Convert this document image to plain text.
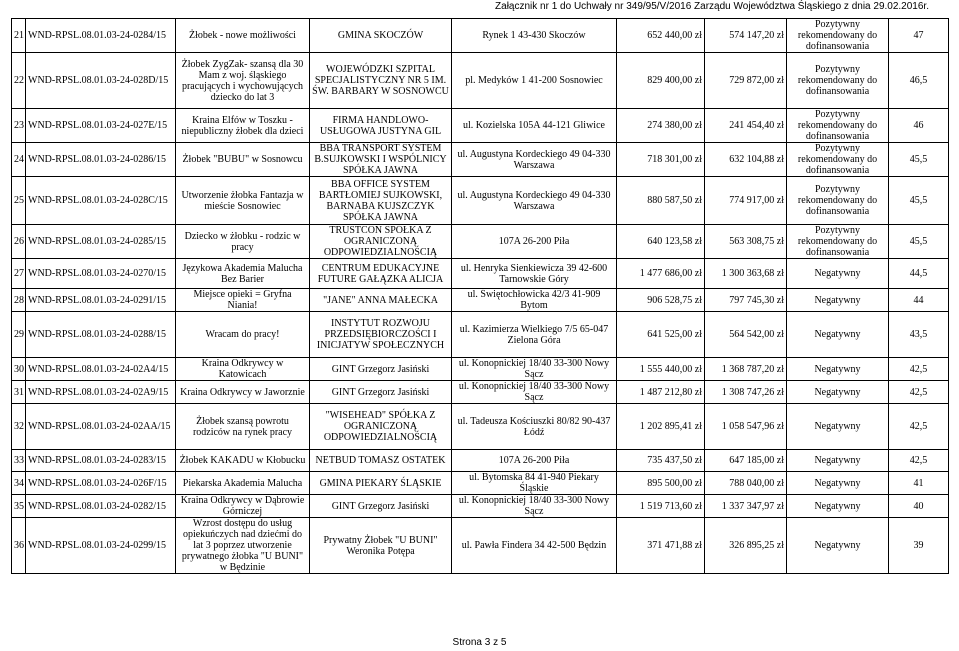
Załącznik nr 1 do Uchwały nr 349/95/V/2016 Zarządu Województwa Śląskiego z dnia 29.02.2016r.
21	WND-RPSL.08.01.03-24-0284/15	Żłobek - nowe możliwości	GMINA SKOCZÓW	Rynek 1 43-430 Skoczów	652 440,00 zł	574 147,20 zł	Pozytywny rekomendowany do dofinansowania	47
22	WND-RPSL.08.01.03-24-028D/15	Żłobek ZygZak- szansą dla 30 Mam z woj. śląskiego pracujących i wychowujących dziecko do lat 3	WOJEWÓDZKI SZPITAL SPECJALISTYCZNY NR 5 IM. ŚW. BARBARY W SOSNOWCU	pl. Medyków 1 41-200 Sosnowiec	829 400,00 zł	729 872,00 zł	Pozytywny rekomendowany do dofinansowania	46,5
23	WND-RPSL.08.01.03-24-027E/15	Kraina Elfów w Toszku - niepubliczny żłobek dla dzieci	FIRMA HANDLOWO-USŁUGOWA JUSTYNA GIL	ul. Kozielska 105A 44-121 Gliwice	274 380,00 zł	241 454,40 zł	Pozytywny rekomendowany do dofinansowania	46
24	WND-RPSL.08.01.03-24-0286/15	Żłobek "BUBU" w Sosnowcu	BBA TRANSPORT SYSTEM B.SUJKOWSKI I WSPÓLNICY SPÓŁKA JAWNA	ul. Augustyna Kordeckiego 49 04-330 Warszawa	718 301,00 zł	632 104,88 zł	Pozytywny rekomendowany do dofinansowania	45,5
25	WND-RPSL.08.01.03-24-028C/15	Utworzenie żłobka Fantazja w mieście Sosnowiec	BBA OFFICE SYSTEM BARTŁOMIEJ SUJKOWSKI, BARNABA KUJSZCZYK SPÓŁKA JAWNA	ul. Augustyna Kordeckiego 49 04-330 Warszawa	880 587,50 zł	774 917,00 zł	Pozytywny rekomendowany do dofinansowania	45,5
26	WND-RPSL.08.01.03-24-0285/15	Dziecko w żłobku - rodzic w pracy	TRUSTCON SPÓŁKA Z OGRANICZONĄ ODPOWIEDZIALNOŚCIĄ	107A 26-200 Piła	640 123,58 zł	563 308,75 zł	Pozytywny rekomendowany do dofinansowania	45,5
27	WND-RPSL.08.01.03-24-0270/15	Językowa Akademia Malucha Bez Barier	CENTRUM EDUKACYJNE FUTURE GAŁĄZKA ALICJA	ul. Henryka Sienkiewicza 39 42-600 Tarnowskie Góry	1 477 686,00 zł	1 300 363,68 zł	Negatywny	44,5
28	WND-RPSL.08.01.03-24-0291/15	Miejsce opieki = Gryfna Niania!	"JANE" ANNA MAŁECKA	ul. Świętochłowicka 42/3 41-909 Bytom	906 528,75 zł	797 745,30 zł	Negatywny	44
29	WND-RPSL.08.01.03-24-0288/15	Wracam do pracy!	INSTYTUT ROZWOJU PRZEDSIĘBIORCZOŚCI I INICJATYW SPOŁECZNYCH	ul. Kazimierza Wielkiego 7/5 65-047 Zielona Góra	641 525,00 zł	564 542,00 zł	Negatywny	43,5
30	WND-RPSL.08.01.03-24-02A4/15	Kraina Odkrywcy w Katowicach	GINT Grzegorz Jasiński	ul. Konopnickiej 18/40 33-300 Nowy Sącz	1 555 440,00 zł	1 368 787,20 zł	Negatywny	42,5
31	WND-RPSL.08.01.03-24-02A9/15	Kraina Odkrywcy w Jaworznie	GINT Grzegorz Jasiński	ul. Konopnickiej 18/40 33-300 Nowy Sącz	1 487 212,80 zł	1 308 747,26 zł	Negatywny	42,5
32	WND-RPSL.08.01.03-24-02AA/15	Żłobek szansą powrotu rodziców na rynek pracy	"WISEHEAD" SPÓŁKA Z OGRANICZONĄ ODPOWIEDZIALNOŚCIĄ	ul. Tadeusza Kościuszki 80/82 90-437 Łódź	1 202 895,41 zł	1 058 547,96 zł	Negatywny	42,5
33	WND-RPSL.08.01.03-24-0283/15	Żłobek KAKADU w Kłobucku	NETBUD TOMASZ OSTATEK	107A 26-200 Piła	735 437,50 zł	647 185,00 zł	Negatywny	42,5
34	WND-RPSL.08.01.03-24-026F/15	Piekarska Akademia Malucha	GMINA PIEKARY ŚLĄSKIE	ul. Bytomska 84 41-940 Piekary Śląskie	895 500,00 zł	788 040,00 zł	Negatywny	41
35	WND-RPSL.08.01.03-24-0282/15	Kraina Odkrywcy w Dąbrowie Górniczej	GINT Grzegorz Jasiński	ul. Konopnickiej 18/40 33-300 Nowy Sącz	1 519 713,60 zł	1 337 347,97 zł	Negatywny	40
36	WND-RPSL.08.01.03-24-0299/15	Wzrost dostępu do usług opiekuńczych nad dziećmi do lat 3 poprzez utworzenie prywatnego żłobka "U BUNI" w Będzinie	Prywatny Żłobek "U BUNI" Weronika Potępa	ul. Pawła Findera 34 42-500 Będzin	371 471,88 zł	326 895,25 zł	Negatywny	39
Strona 3 z 5
